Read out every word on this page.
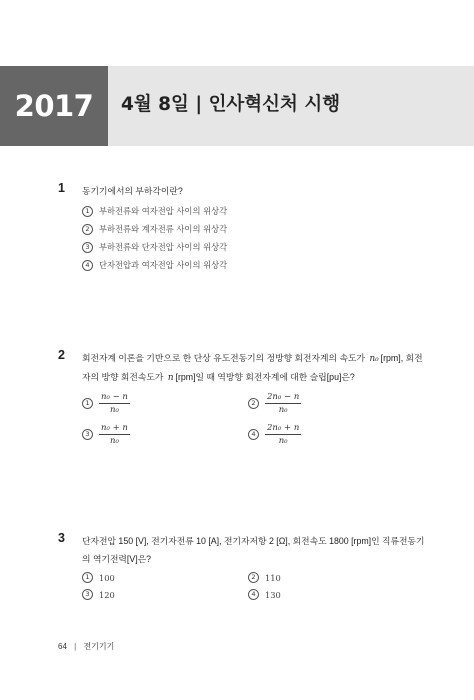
2017 4월 8일 | 인사혁신처 시행
1 동기기에서의 부하각이란?
1	부하전류와 여자전압 사이의 위상각
2	부하전류와 계자전류 사이의 위상각
3	부하전류와 단자전압 사이의 위상각
4	단자전압과 여자전압 사이의 위상각
2 회전자계 이론을 기반으로 한 단상 유도전동기의 정방향 회전자계의 속도가 n₀ [rpm], 회전
자의 방향 회전속도가 n [rpm]일 때 역방향 회전자계에 대한 슬립[pu]은?
1	$\frac{\text{n₀ − n}}{\text{n₀}}$	2	$\frac{\text{2n₀ − n}}{\text{n₀}}$
3	$\frac{\text{n₀ + n}}{\text{n₀}}$	4	$\frac{\text{2n₀ + n}}{\text{n₀}}$
3 단자전압 150 [V], 전기자전류 10 [A], 전기자저항 2 [Ω], 회전속도 1800 [rpm]인 직류전동기
의 역기전력[V]은?
1	100	2	110
3	120	4	130
64 | 전기기기
